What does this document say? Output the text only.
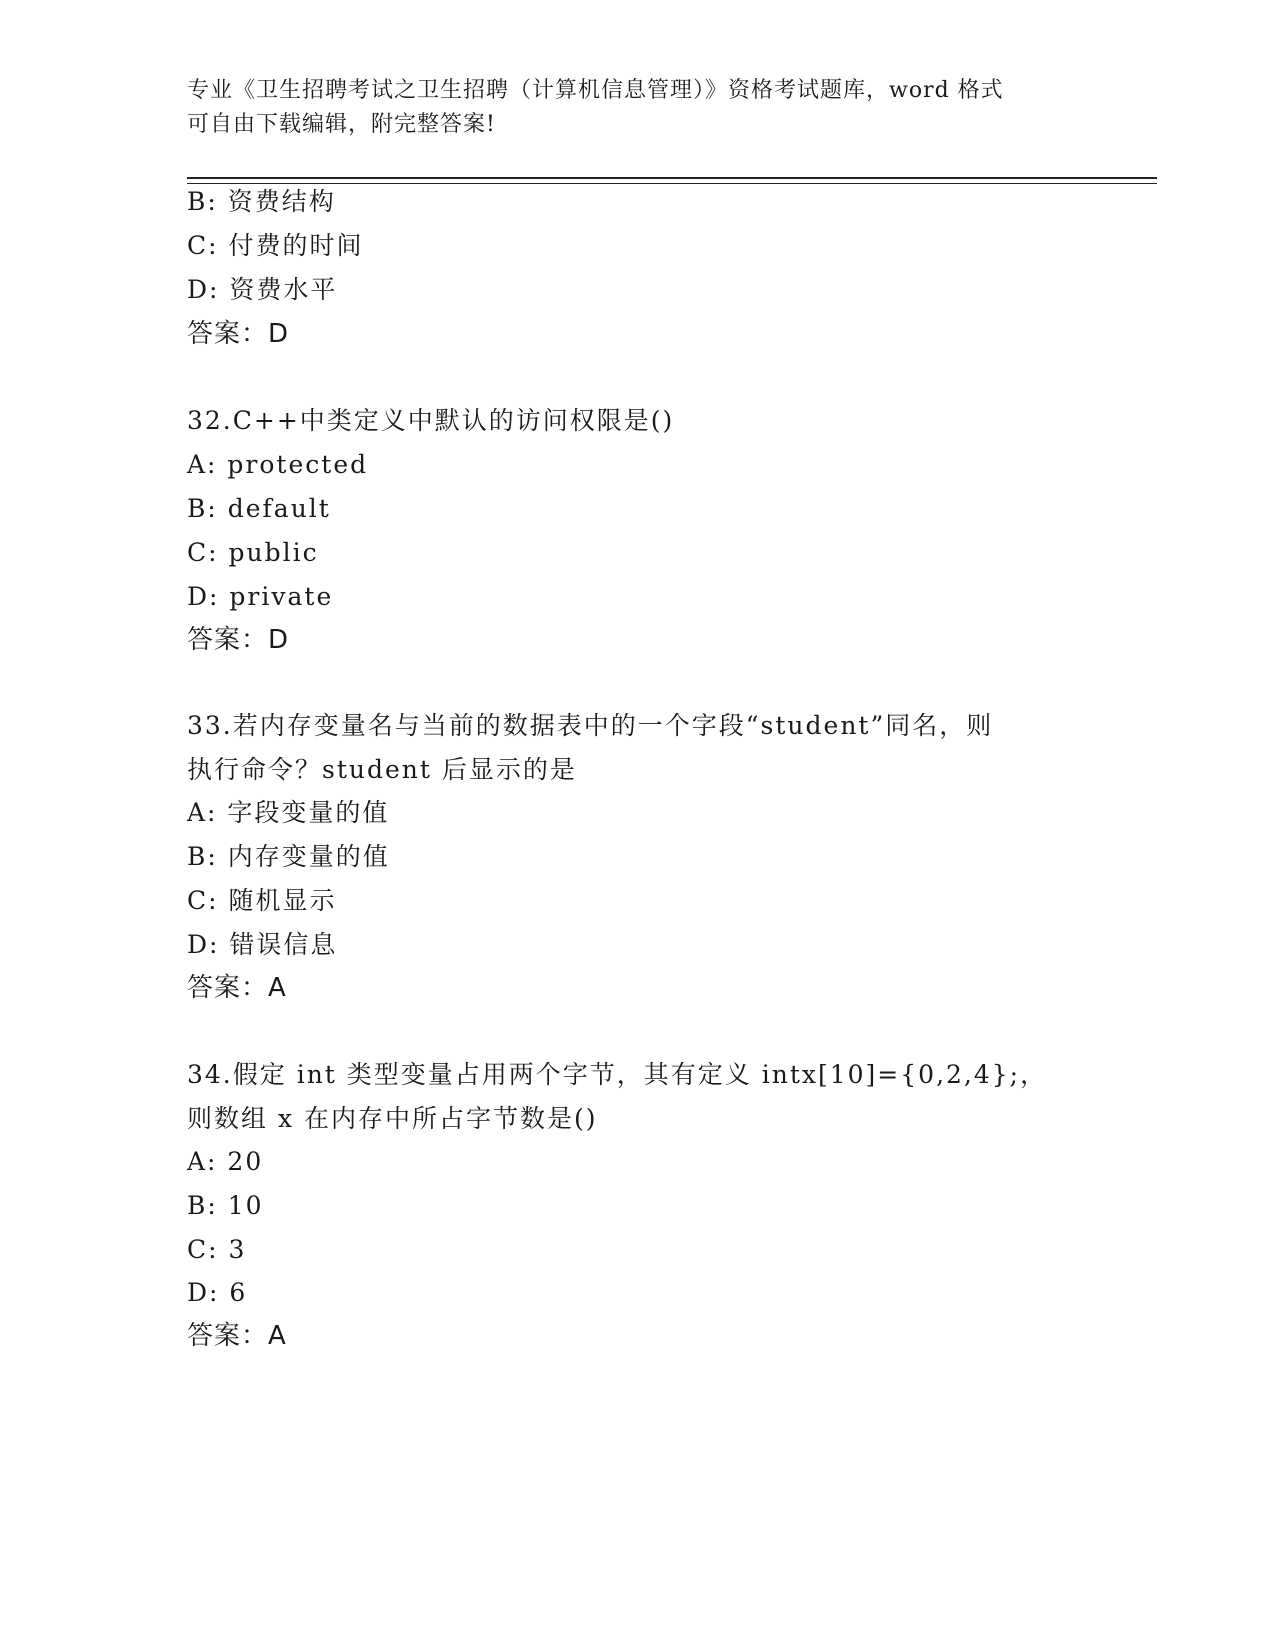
专业《卫生招聘考试之卫生招聘（计算机信息管理）》资格考试题库，word 格式
可自由下载编辑，附完整答案!
B: 资费结构
C: 付费的时间
D: 资费水平
答案：D
32.C++中类定义中默认的访问权限是()
A: protected
B: default
C: public
D: private
答案：D
33.若内存变量名与当前的数据表中的一个字段“student”同名，则
执行命令？student 后显示的是
A: 字段变量的值
B: 内存变量的值
C: 随机显示
D: 错误信息
答案：A
34.假定 int 类型变量占用两个字节，其有定义 intx[10]={0,2,4};，
则数组 x 在内存中所占字节数是()
A: 20
B: 10
C: 3
D: 6
答案：A
